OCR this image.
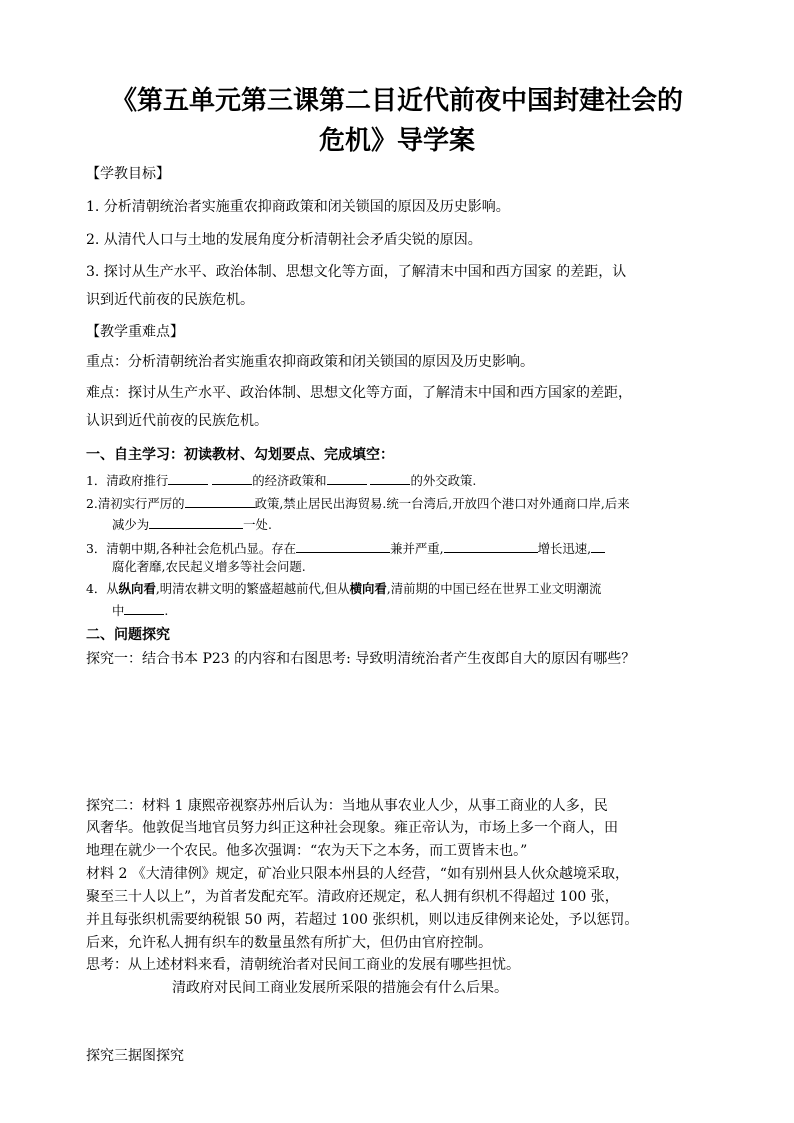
《第五单元第三课第二目近代前夜中国封建社会的
危机》导学案
【学教目标】
1. 分析清朝统治者实施重农抑商政策和闭关锁国的原因及历史影响。
2. 从清代人口与土地的发展角度分析清朝社会矛盾尖锐的原因。
3. 探讨从生产水平、政治体制、思想文化等方面，了解清末中国和西方国家 的差距，认
识到近代前夜的民族危机。
【教学重难点】
重点：分析清朝统治者实施重农抑商政策和闭关锁国的原因及历史影响。
难点：探讨从生产水平、政治体制、思想文化等方面，了解清末中国和西方国家的差距，
认识到近代前夜的民族危机。
一、自主学习：初读教材、勾划要点、完成填空：
1．清政府推行	的经济政策和	的外交政策.
2.清初实行严厉的	政策,禁止居民出海贸易.统一台湾后,开放四个港口对外通商口岸,后来
减少为	一处.
3．清朝中期,各种社会危机凸显。存在	兼并严重,	增长迅速,
腐化奢靡,农民起义增多等社会问题.
4．从纵向看,明清农耕文明的繁盛超越前代,但从横向看,清前期的中国已经在世界工业文明潮流
中	.
二、问题探究
探究一：结合书本 P23 的内容和右图思考: 导致明清统治者产生夜郎自大的原因有哪些？
探究二：材料 1 康熙帝视察苏州后认为：当地从事农业人少，从事工商业的人多，民
风奢华。他敦促当地官员努力纠正这种社会现象。雍正帝认为，市场上多一个商人，田
地理在就少一个农民。他多次强调：“农为天下之本务，而工贾皆末也。”
材料 2 《大清律例》规定，矿冶业只限本州县的人经营，“如有别州县人伙众越境采取，
聚至三十人以上”，为首者发配充军。清政府还规定，私人拥有织机不得超过 100 张，
并且每张织机需要纳税银 50 两，若超过 100 张织机，则以违反律例来论处，予以惩罚。
后来，允许私人拥有织车的数量虽然有所扩大，但仍由官府控制。
思考：从上述材料来看，清朝统治者对民间工商业的发展有哪些担忧。
清政府对民间工商业发展所采限的措施会有什么后果。
探究三据图探究
